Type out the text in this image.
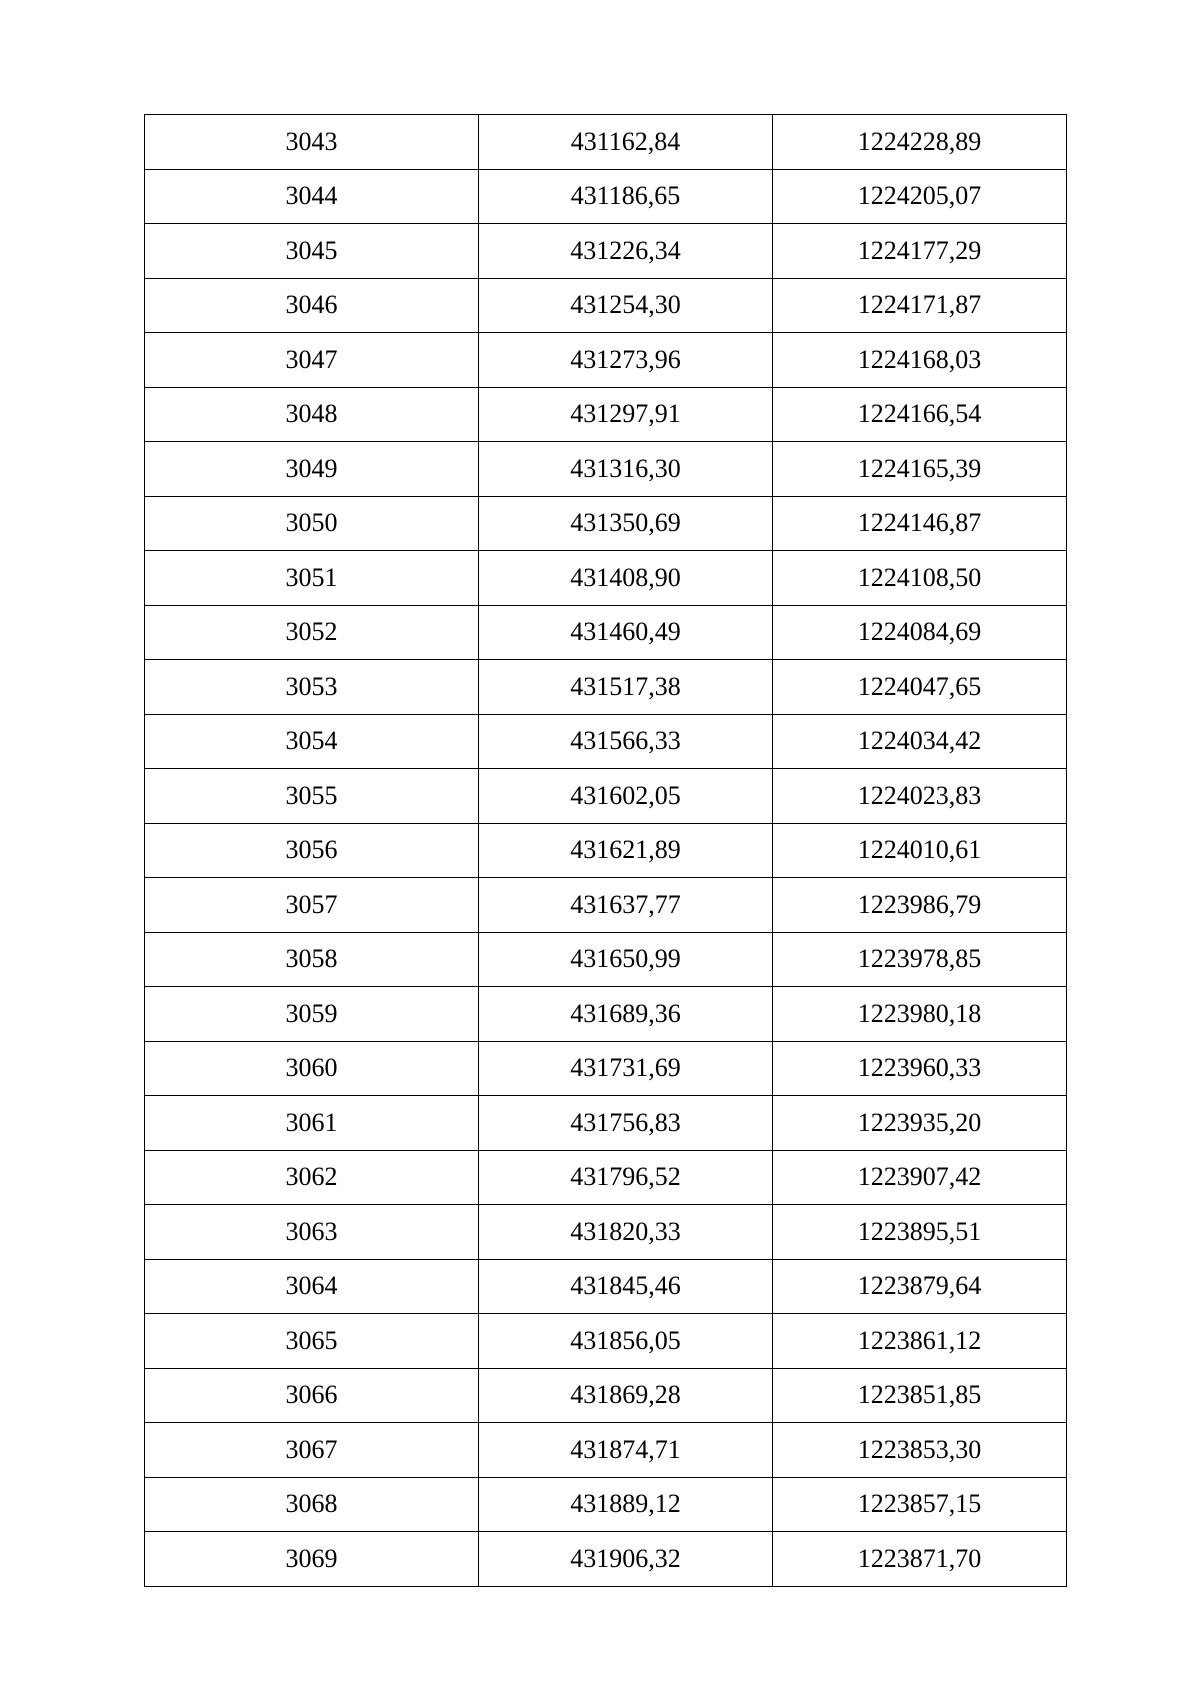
3043	431162,84	1224228,89
3044	431186,65	1224205,07
3045	431226,34	1224177,29
3046	431254,30	1224171,87
3047	431273,96	1224168,03
3048	431297,91	1224166,54
3049	431316,30	1224165,39
3050	431350,69	1224146,87
3051	431408,90	1224108,50
3052	431460,49	1224084,69
3053	431517,38	1224047,65
3054	431566,33	1224034,42
3055	431602,05	1224023,83
3056	431621,89	1224010,61
3057	431637,77	1223986,79
3058	431650,99	1223978,85
3059	431689,36	1223980,18
3060	431731,69	1223960,33
3061	431756,83	1223935,20
3062	431796,52	1223907,42
3063	431820,33	1223895,51
3064	431845,46	1223879,64
3065	431856,05	1223861,12
3066	431869,28	1223851,85
3067	431874,71	1223853,30
3068	431889,12	1223857,15
3069	431906,32	1223871,70
